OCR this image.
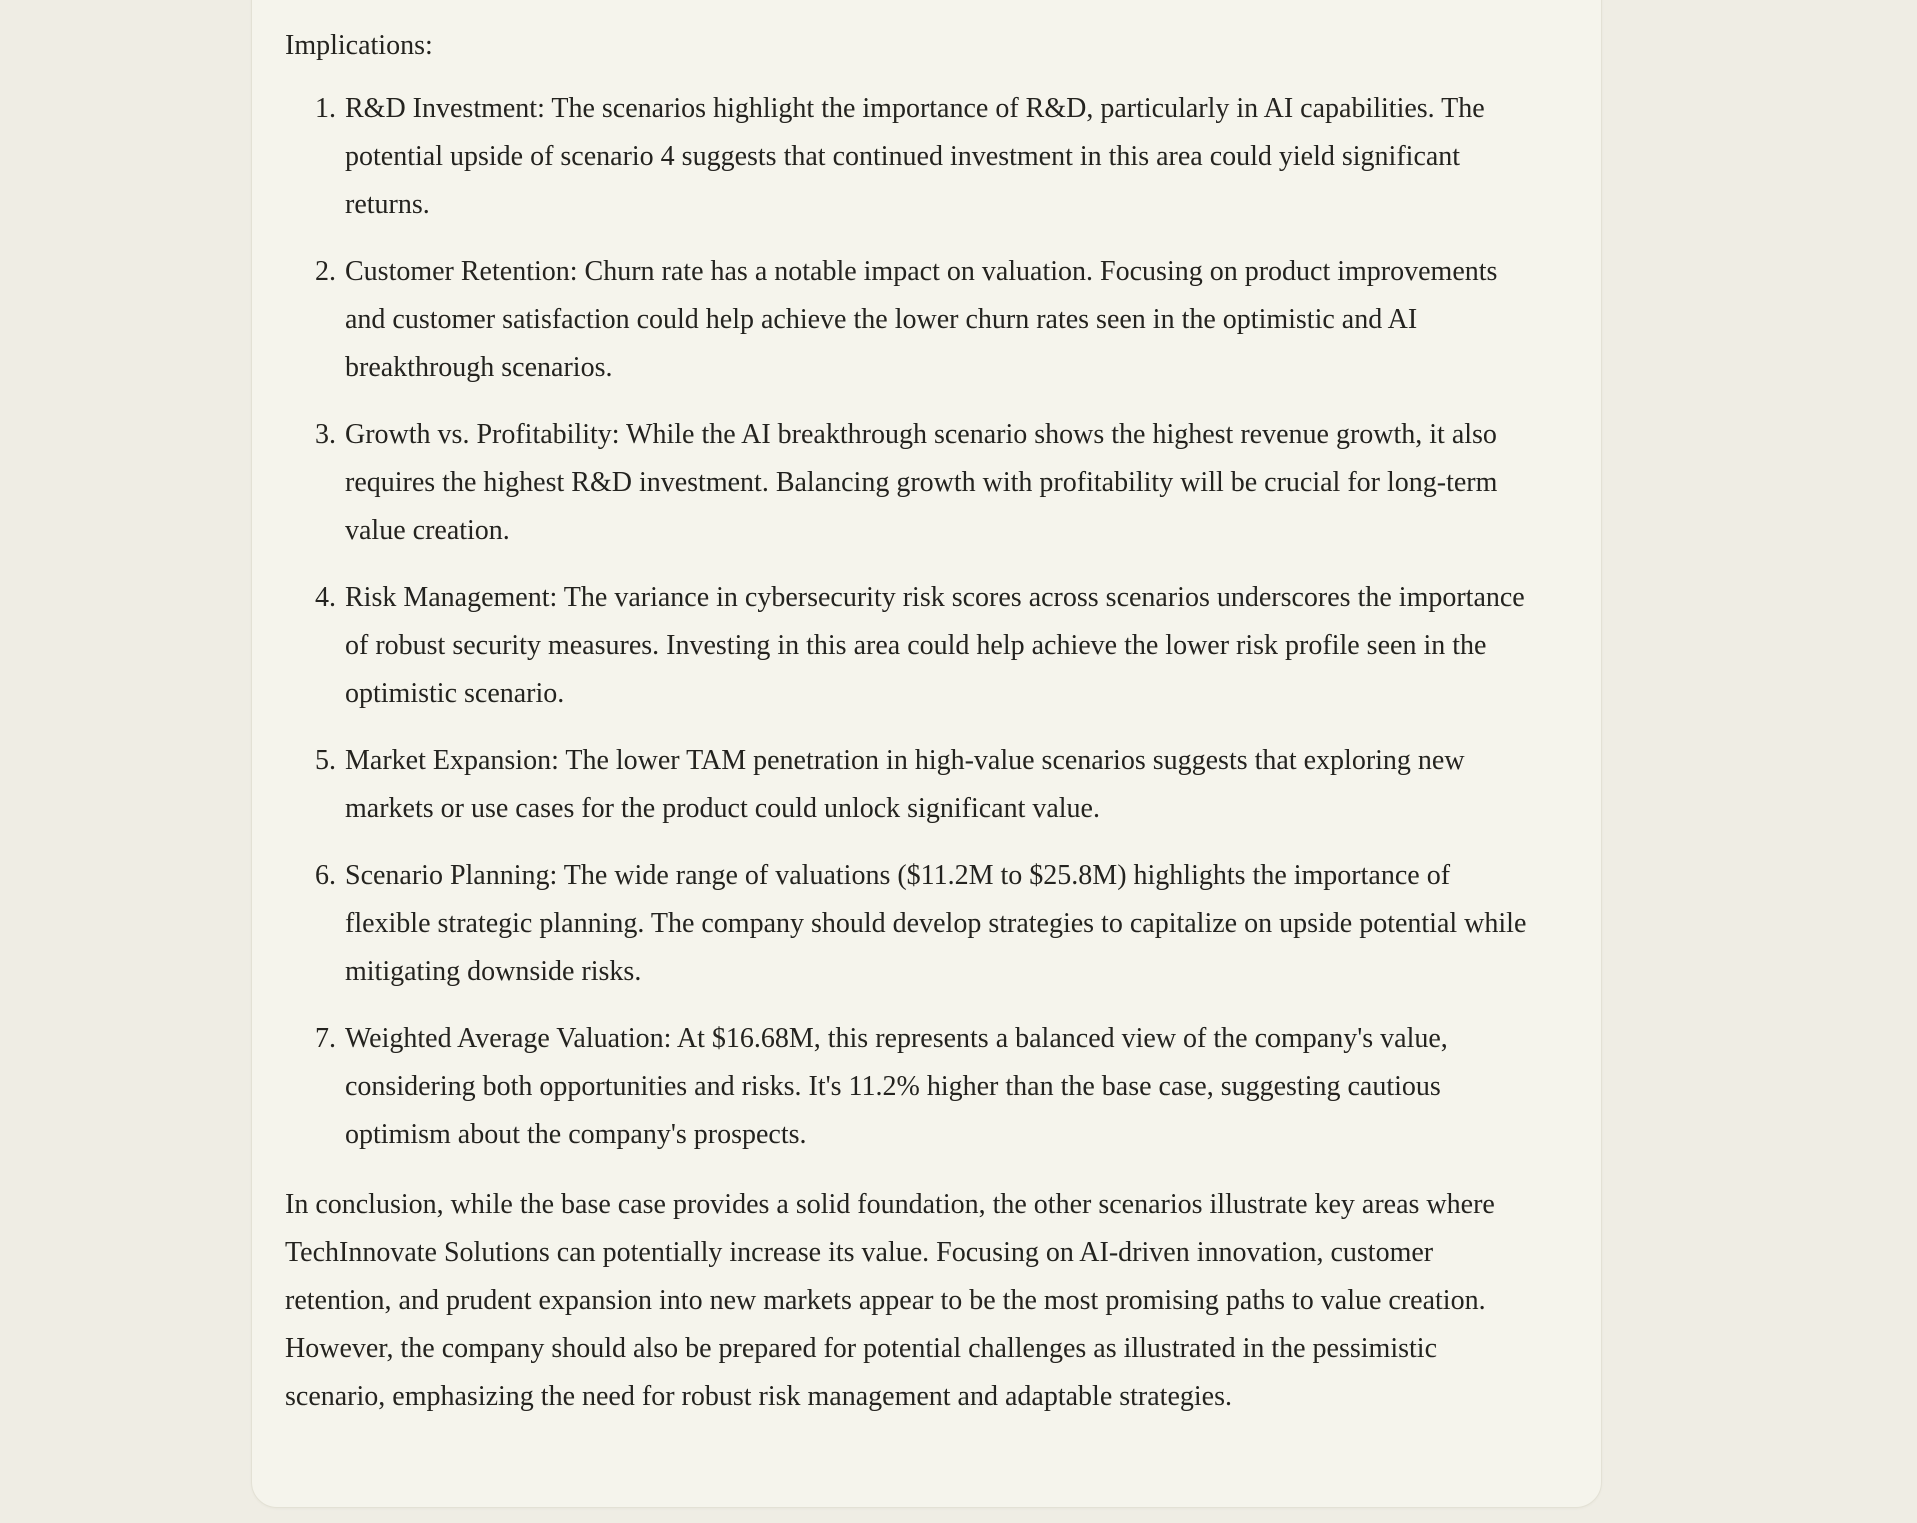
Implications:

1. R&D Investment: The scenarios highlight the importance of R&D, particularly in AI capabilities. The potential upside of scenario 4 suggests that continued investment in this area could yield significant returns.
2. Customer Retention: Churn rate has a notable impact on valuation. Focusing on product improvements and customer satisfaction could help achieve the lower churn rates seen in the optimistic and AI breakthrough scenarios.
3. Growth vs. Profitability: While the AI breakthrough scenario shows the highest revenue growth, it also requires the highest R&D investment. Balancing growth with profitability will be crucial for long-term value creation.
4. Risk Management: The variance in cybersecurity risk scores across scenarios underscores the importance of robust security measures. Investing in this area could help achieve the lower risk profile seen in the optimistic scenario.
5. Market Expansion: The lower TAM penetration in high-value scenarios suggests that exploring new markets or use cases for the product could unlock significant value.
6. Scenario Planning: The wide range of valuations ($11.2M to $25.8M) highlights the importance of flexible strategic planning. The company should develop strategies to capitalize on upside potential while mitigating downside risks.
7. Weighted Average Valuation: At $16.68M, this represents a balanced view of the company's value, considering both opportunities and risks. It's 11.2% higher than the base case, suggesting cautious optimism about the company's prospects.

In conclusion, while the base case provides a solid foundation, the other scenarios illustrate key areas where TechInnovate Solutions can potentially increase its value. Focusing on AI-driven innovation, customer retention, and prudent expansion into new markets appear to be the most promising paths to value creation. However, the company should also be prepared for potential challenges as illustrated in the pessimistic scenario, emphasizing the need for robust risk management and adaptable strategies.
